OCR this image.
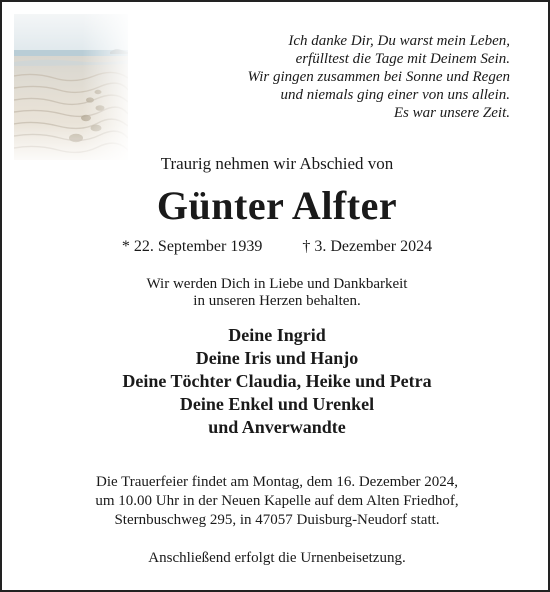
Ich danke Dir, Du warst mein Leben,
erfülltest die Tage mit Deinem Sein.
Wir gingen zusammen bei Sonne und Regen
und niemals ging einer von uns allein.
Es war unsere Zeit.
Traurig nehmen wir Abschied von
Günter Alfter
* 22. September 1939	† 3. Dezember 2024
Wir werden Dich in Liebe und Dankbarkeit
in unseren Herzen behalten.
Deine Ingrid
Deine Iris und Hanjo
Deine Töchter Claudia, Heike und Petra
Deine Enkel und Urenkel
und Anverwandte
Die Trauerfeier findet am Montag, dem 16. Dezember 2024,
um 10.00 Uhr in der Neuen Kapelle auf dem Alten Friedhof,
Sternbuschweg 295, in 47057 Duisburg-Neudorf statt.
Anschließend erfolgt die Urnenbeisetzung.
